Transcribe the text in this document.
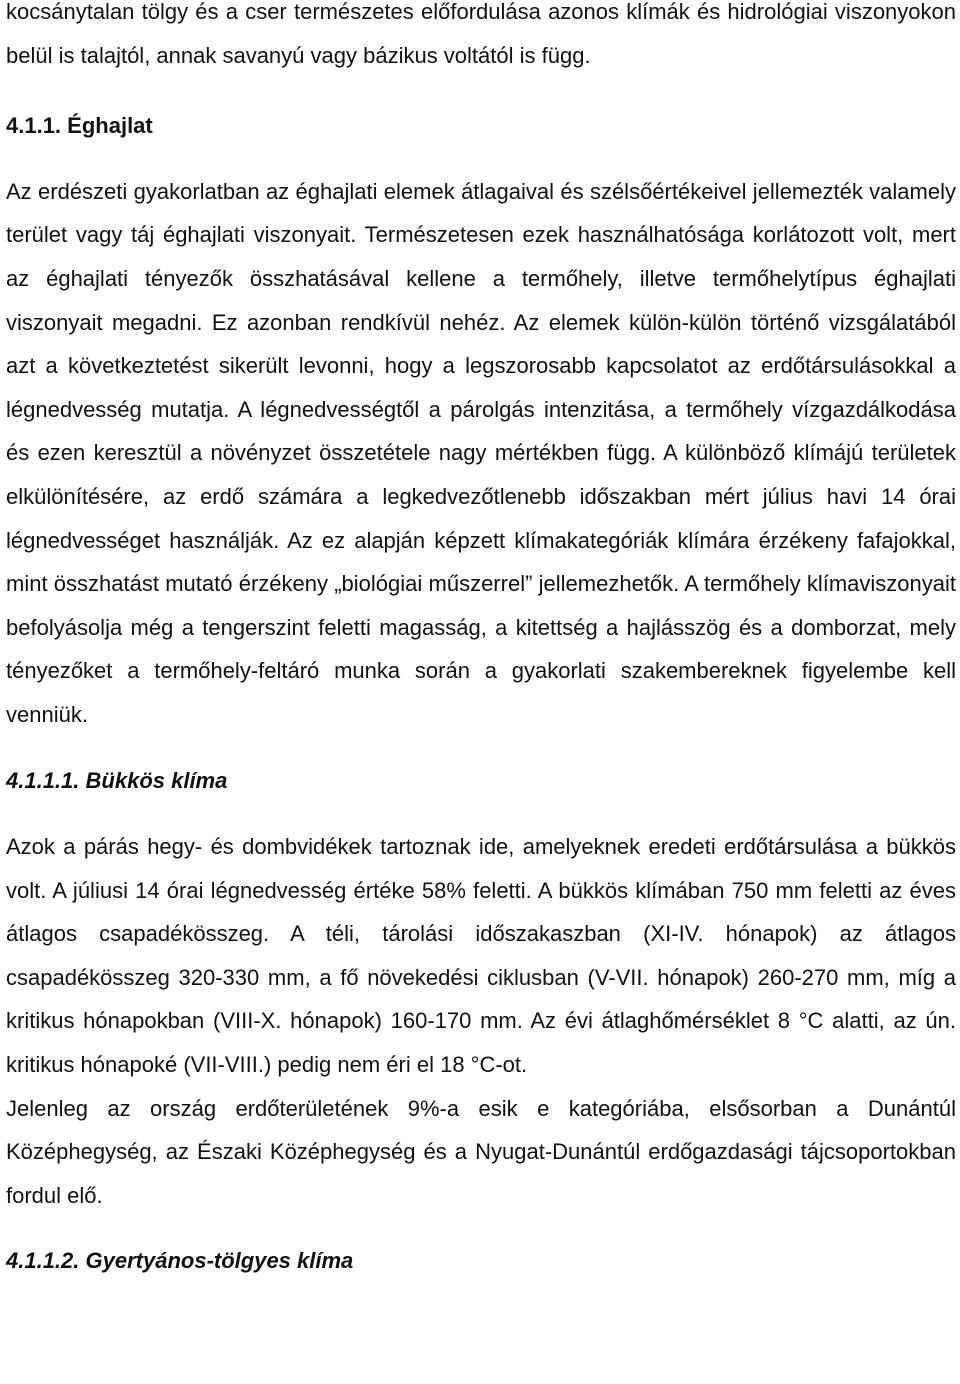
kocsánytalan tölgy és a cser természetes előfordulása azonos klímák és hidrológiai viszonyokon belül is talajtól, annak savanyú vagy bázikus voltától is függ.

4.1.1. Éghajlat

Az erdészeti gyakorlatban az éghajlati elemek átlagaival és szélsőértékeivel jellemezték valamely terület vagy táj éghajlati viszonyait. Természetesen ezek használhatósága korlátozott volt, mert az éghajlati tényezők összhatásával kellene a termőhely, illetve termőhelytípus éghajlati viszonyait megadni. Ez azonban rendkívül nehéz. Az elemek külön-külön történő vizsgálatából azt a következtetést sikerült levonni, hogy a legszorosabb kapcsolatot az erdőtársulásokkal a légnedvesség mutatja. A légnedvességtől a párolgás intenzitása, a termőhely vízgazdálkodása és ezen keresztül a növényzet összetétele nagy mértékben függ. A különböző klímájú területek elkülönítésére, az erdő számára a legkedvezőtlenebb időszakban mért július havi 14 órai légnedvességet használják. Az ez alapján képzett klímakategóriák klímára érzékeny fafajokkal, mint összhatást mutató érzékeny „biológiai műszerrel” jellemezhetők. A termőhely klímaviszonyait befolyásolja még a tengerszint feletti magasság, a kitettség a hajlásszög és a domborzat, mely tényezőket a termőhely-feltáró munka során a gyakorlati szakembereknek figyelembe kell venniük.

4.1.1.1. Bükkös klíma

Azok a párás hegy- és dombvidékek tartoznak ide, amelyeknek eredeti erdőtársulása a bükkös volt. A júliusi 14 órai légnedvesség értéke 58% feletti. A bükkös klímában 750 mm feletti az éves átlagos csapadékösszeg. A téli, tárolási időszakaszban (XI-IV. hónapok) az átlagos csapadékösszeg 320-330 mm, a fő növekedési ciklusban (V-VII. hónapok) 260-270 mm, míg a kritikus hónapokban (VIII-X. hónapok) 160-170 mm. Az évi átlaghőmérséklet 8 °C alatti, az ún. kritikus hónapoké (VII-VIII.) pedig nem éri el 18 °C-ot.

Jelenleg az ország erdőterületének 9%-a esik e kategóriába, elsősorban a Dunántúl Középhegység, az Északi Középhegység és a Nyugat-Dunántúl erdőgazdasági tájcsoportokban fordul elő.

4.1.1.2. Gyertyános-tölgyes klíma
